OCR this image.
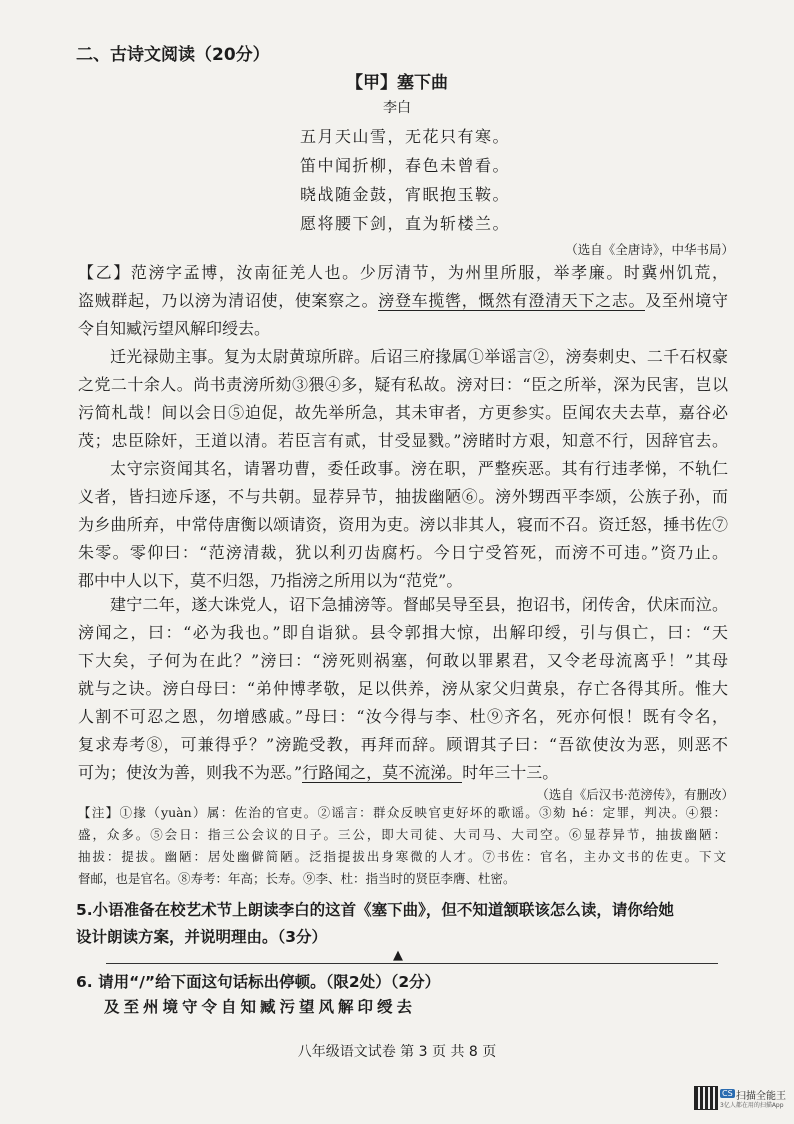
二、古诗文阅读（20分）
【甲】塞下曲
李白
五月天山雪，无花只有寒。
笛中闻折柳，春色未曾看。
晓战随金鼓，宵眠抱玉鞍。
愿将腰下剑，直为斩楼兰。
（选自《全唐诗》，中华书局）
【乙】范滂字孟博，汝南征羌人也。少厉清节，为州里所服，举孝廉。时冀州饥荒，
盗贼群起，乃以滂为清诏使，使案察之。滂登车揽辔，慨然有澄清天下之志。及至州境守
令自知臧污望风解印绶去。
迁光禄勋主事。复为太尉黄琼所辟。后诏三府掾属①举谣言②，滂奏刺史、二千石权豪
之党二十余人。尚书责滂所劾③猥④多，疑有私故。滂对曰：“臣之所举，深为民害，岂以
污简札哉！间以会日⑤迫促，故先举所急，其未审者，方更参实。臣闻农夫去草，嘉谷必
茂；忠臣除奸，王道以清。若臣言有贰，甘受显戮。”滂睹时方艰，知意不行，因辞官去。
太守宗资闻其名，请署功曹，委任政事。滂在职，严整疾恶。其有行违孝悌，不轨仁
义者，皆扫迹斥逐，不与共朝。显荐异节，抽拔幽陋⑥。滂外甥西平李颂，公族子孙，而
为乡曲所弃，中常侍唐衡以颂请资，资用为吏。滂以非其人，寝而不召。资迁怒，捶书佐⑦
朱零。零仰曰：“范滂清裁，犹以利刃齿腐朽。今日宁受笞死，而滂不可违。”资乃止。
郡中中人以下，莫不归怨，乃指滂之所用以为“范党”。
建宁二年，遂大诛党人，诏下急捕滂等。督邮吴导至县，抱诏书，闭传舍，伏床而泣。
滂闻之，曰：“必为我也。”即自诣狱。县令郭揖大惊，出解印绶，引与俱亡，曰：“天
下大矣，子何为在此？”滂曰：“滂死则祸塞，何敢以罪累君，又令老母流离乎！”其母
就与之诀。滂白母曰：“弟仲博孝敬，足以供养，滂从家父归黄泉，存亡各得其所。惟大
人割不可忍之恩，勿增感戚。”母曰：“汝今得与李、杜⑨齐名，死亦何恨！既有令名，
复求寿考⑧，可兼得乎？”滂跪受教，再拜而辞。顾谓其子曰：“吾欲使汝为恶，则恶不
可为；使汝为善，则我不为恶。”行路闻之，莫不流涕。时年三十三。
（选自《后汉书·范滂传》，有删改）
【注】①掾（yuàn）属：佐治的官吏。②谣言：群众反映官吏好坏的歌谣。③劾 hé：定罪，判决。④猥：
盛，众多。⑤会日：指三公会议的日子。三公，即大司徒、大司马、大司空。⑥显荐异节，抽拔幽陋：
抽拔：提拔。幽陋：居处幽僻简陋。泛指提拔出身寒微的人才。⑦书佐：官名，主办文书的佐吏。下文
督邮，也是官名。⑧寿考：年高；长寿。⑨李、杜：指当时的贤臣李膺、杜密。
5.小语准备在校艺术节上朗读李白的这首《塞下曲》，但不知道颔联该怎么读，请你给她
设计朗读方案，并说明理由。（3分）
▲
6. 请用“/”给下面这句话标出停顿。（限2处）（2分）
及至州境守令自知臧污望风解印绶去
八年级语文试卷 第 3 页 共 8 页
CS 扫描全能王
3亿人都在用的扫描App
